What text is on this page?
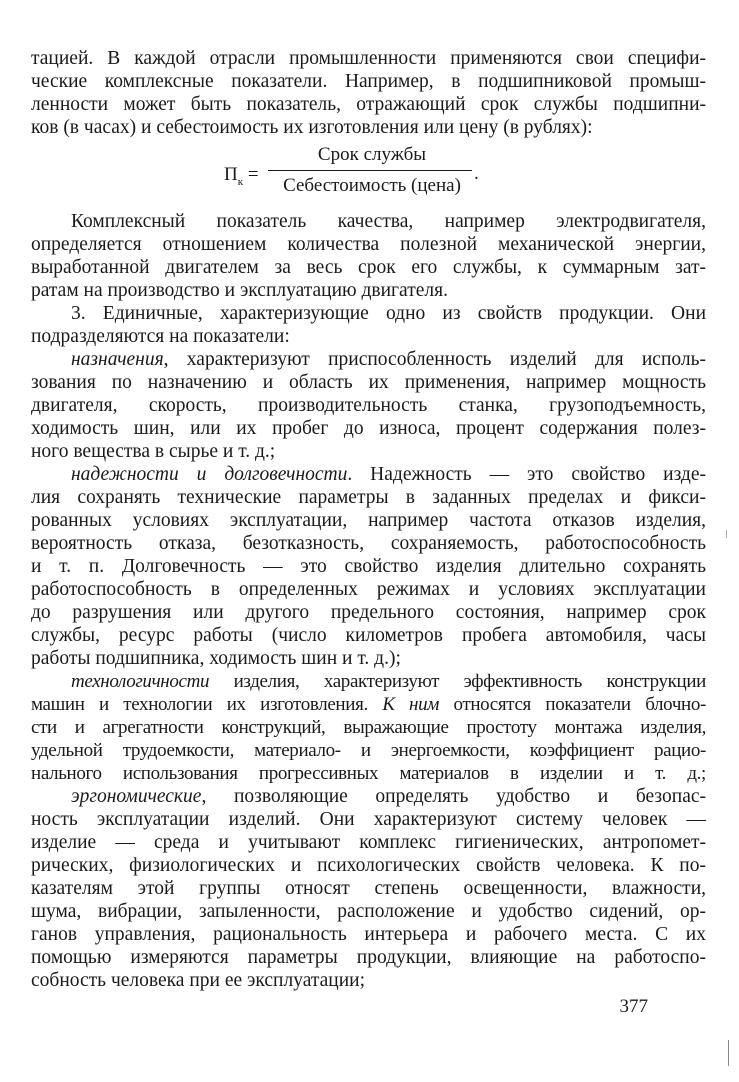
тацией. В каждой отрасли промышленности применяются свои специфи-
ческие комплексные показатели. Например, в подшипниковой промыш-
ленности может быть показатель, отражающий срок службы подшипни-
ков (в часах) и себестоимость их изготовления или цену (в рублях):
$П_к$ =
Срок службы
Себестоимость (цена)
.
Комплексный показатель качества, например электродвигателя,
определяется отношением количества полезной механической энергии,
выработанной двигателем за весь срок его службы, к суммарным зат-
ратам на производство и эксплуатацию двигателя.
3. Единичные, характеризующие одно из свойств продукции. Они
подразделяются на показатели:
назначения, характеризуют приспособленность изделий для исполь-
зования по назначению и область их применения, например мощность
двигателя, скорость, производительность станка, грузоподъемность,
ходимость шин, или их пробег до износа, процент содержания полез-
ного вещества в сырье и т. д.;
надежности и долговечности. Надежность — это свойство изде-
лия сохранять технические параметры в заданных пределах и фикси-
рованных условиях эксплуатации, например частота отказов изделия,
вероятность отказа, безотказность, сохраняемость, работоспособность
и т. п. Долговечность — это свойство изделия длительно сохранять
работоспособность в определенных режимах и условиях эксплуатации
до разрушения или другого предельного состояния, например срок
службы, ресурс работы (число километров пробега автомобиля, часы
работы подшипника, ходимость шин и т. д.);
технологичности изделия, характеризуют эффективность конструкции
машин и технологии их изготовления. К ним относятся показатели блочно-
сти и агрегатности конструкций, выражающие простоту монтажа изделия,
удельной трудоемкости, материало- и энергоемкости, коэффициент рацио-
нального использования прогрессивных материалов в изделии и т. д.;
эргономические, позволяющие определять удобство и безопас-
ность эксплуатации изделий. Они характеризуют систему человек —
изделие — среда и учитывают комплекс гигиенических, антропомет-
рических, физиологических и психологических свойств человека. К по-
казателям этой группы относят степень освещенности, влажности,
шума, вибрации, запыленности, расположение и удобство сидений, ор-
ганов управления, рациональность интерьера и рабочего места. С их
помощью измеряются параметры продукции, влияющие на работоспо-
собность человека при ее эксплуатации;
377
